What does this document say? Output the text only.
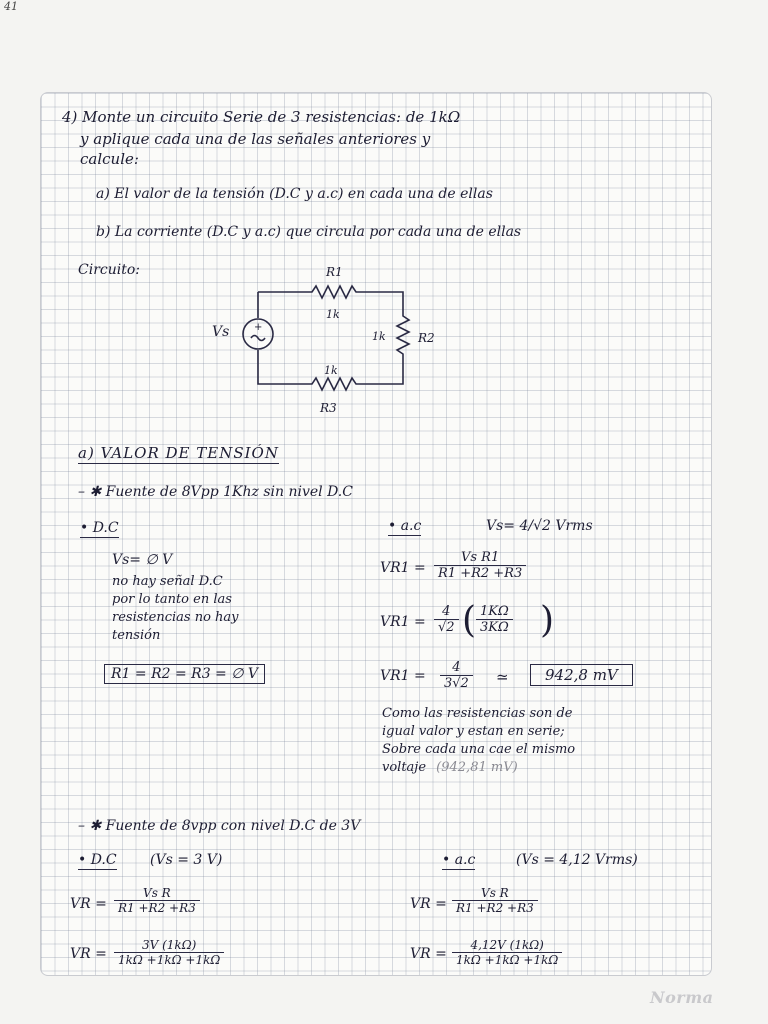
41
4) Monte un circuito Serie de 3 resistencias: de 1kΩ
y aplique cada una de las señales anteriores y
calcule:
a) El valor de la tensión (D.C y a.c) en cada una de ellas
b) La corriente (D.C y a.c) que circula por cada una de ellas
Circuito:
+
R1
1k
R2
1k
R3
1k
Vs
a) VALOR DE TENSIÓN
– ✱ Fuente de 8Vpp 1Khz sin nivel D.C
• D.C
Vs= ∅ V
no hay señal D.C
por lo tanto en las
resistencias no hay
tensión
R1 = R2 = R3 = ∅ V
• a.c	Vs= 4/√2 Vrms
$VR1 = \frac{\text{Vs R1}}{R1 +R2 +R3}$
$VR1 = \frac{4}{√2}$ ( $\frac{1K\Omega}{3K\Omega}$ )
$VR1 = \frac{4}{3√2}$ ≃	942,8 mV
Como las resistencias son de
igual valor y estan en serie;
Sobre cada una cae el mismo
voltaje (942,81 mV)
– ✱ Fuente de 8vpp con nivel D.C de 3V
• D.C (Vs = 3 V)	• a.c	(Vs = 4,12 Vrms)
VR = $\frac{\text{Vs R}}{R1 +R2 +R3}$	VR = $\frac{\text{Vs R}}{R1 +R2 +R3}$
VR = $\frac{3V (1k\Omega)}{1k\Omega +1k\Omega +1k\Omega}$	VR = $\frac{4,12V (1k\Omega)}{1k\Omega +1k\Omega +1k\Omega}$
Norma
